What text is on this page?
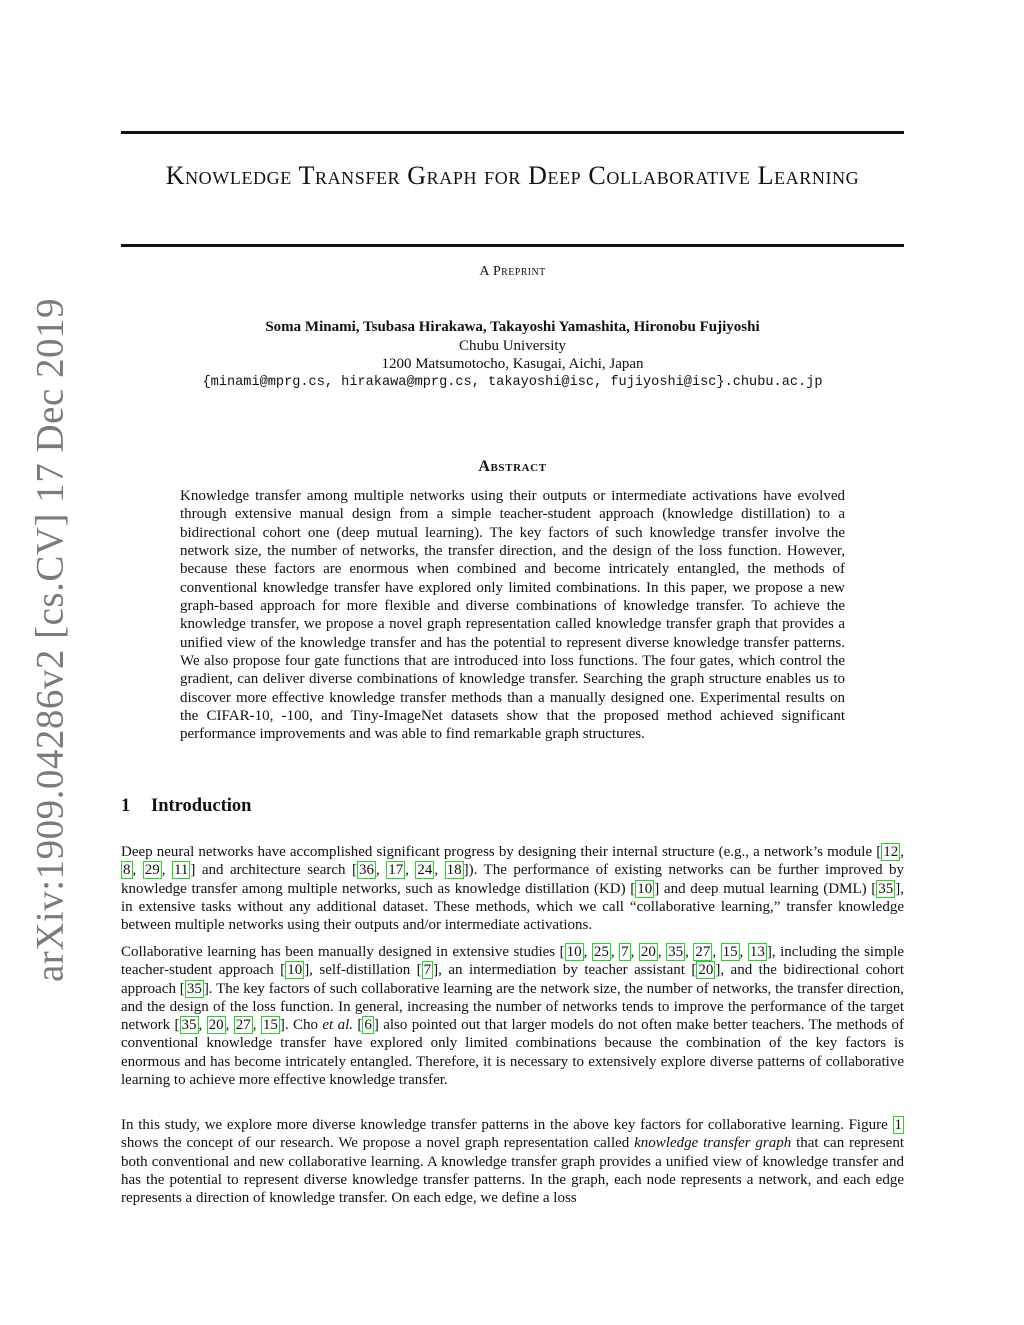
arXiv:1909.04286v2 [cs.CV] 17 Dec 2019
Knowledge Transfer Graph for Deep Collaborative Learning
A Preprint
Soma Minami, Tsubasa Hirakawa, Takayoshi Yamashita, Hironobu Fujiyoshi
Chubu University
1200 Matsumotocho, Kasugai, Aichi, Japan
{minami@mprg.cs, hirakawa@mprg.cs, takayoshi@isc, fujiyoshi@isc}.chubu.ac.jp
Abstract

Knowledge transfer among multiple networks using their outputs or intermediate activations have evolved through extensive manual design from a simple teacher-student approach (knowledge distillation) to a bidirectional cohort one (deep mutual learning). The key factors of such knowledge transfer involve the network size, the number of networks, the transfer direction, and the design of the loss function. However, because these factors are enormous when combined and become intricately entangled, the methods of conventional knowledge transfer have explored only limited combinations. In this paper, we propose a new graph-based approach for more flexible and diverse combinations of knowledge transfer. To achieve the knowledge transfer, we propose a novel graph representation called knowledge transfer graph that provides a unified view of the knowledge transfer and has the potential to represent diverse knowledge transfer patterns. We also propose four gate functions that are introduced into loss functions. The four gates, which control the gradient, can deliver diverse combinations of knowledge transfer. Searching the graph structure enables us to discover more effective knowledge transfer methods than a manually designed one. Experimental results on the CIFAR-10, -100, and Tiny-ImageNet datasets show that the proposed method achieved significant performance improvements and was able to find remarkable graph structures.

1 Introduction

Deep neural networks have accomplished significant progress by designing their internal structure (e.g., a network’s module [ 12 , 8 , 29 , 11 ] and architecture search [ 36 , 17 , 24 , 18 ]). The performance of existing networks can be further improved by knowledge transfer among multiple networks, such as knowledge distillation (KD) [ 10 ] and deep mutual learning (DML) [ 35 ], in extensive tasks without any additional dataset. These methods, which we call “collaborative learning,” transfer knowledge between multiple networks using their outputs and/or intermediate activations.

Collaborative learning has been manually designed in extensive studies [ 10 , 25 , 7 , 20 , 35 , 27 , 15 , 13 ], including the simple teacher-student approach [ 10 ], self-distillation [ 7 ], an intermediation by teacher assistant [ 20 ], and the bidirectional cohort approach [ 35 ]. The key factors of such collaborative learning are the network size, the number of networks, the transfer direction, and the design of the loss function. In general, increasing the number of networks tends to improve the performance of the target network [ 35 , 20 , 27 , 15 ]. Cho et al. [ 6 ] also pointed out that larger models do not often make better teachers. The methods of conventional knowledge transfer have explored only limited combinations because the combination of the key factors is enormous and has become intricately entangled. Therefore, it is necessary to extensively explore diverse patterns of collaborative learning to achieve more effective knowledge transfer.

In this study, we explore more diverse knowledge transfer patterns in the above key factors for collaborative learning. Figure 1 shows the concept of our research. We propose a novel graph representation called knowledge transfer graph that can represent both conventional and new collaborative learning. A knowledge transfer graph provides a unified view of knowledge transfer and has the potential to represent diverse knowledge transfer patterns. In the graph, each node represents a network, and each edge represents a direction of knowledge transfer. On each edge, we define a loss
